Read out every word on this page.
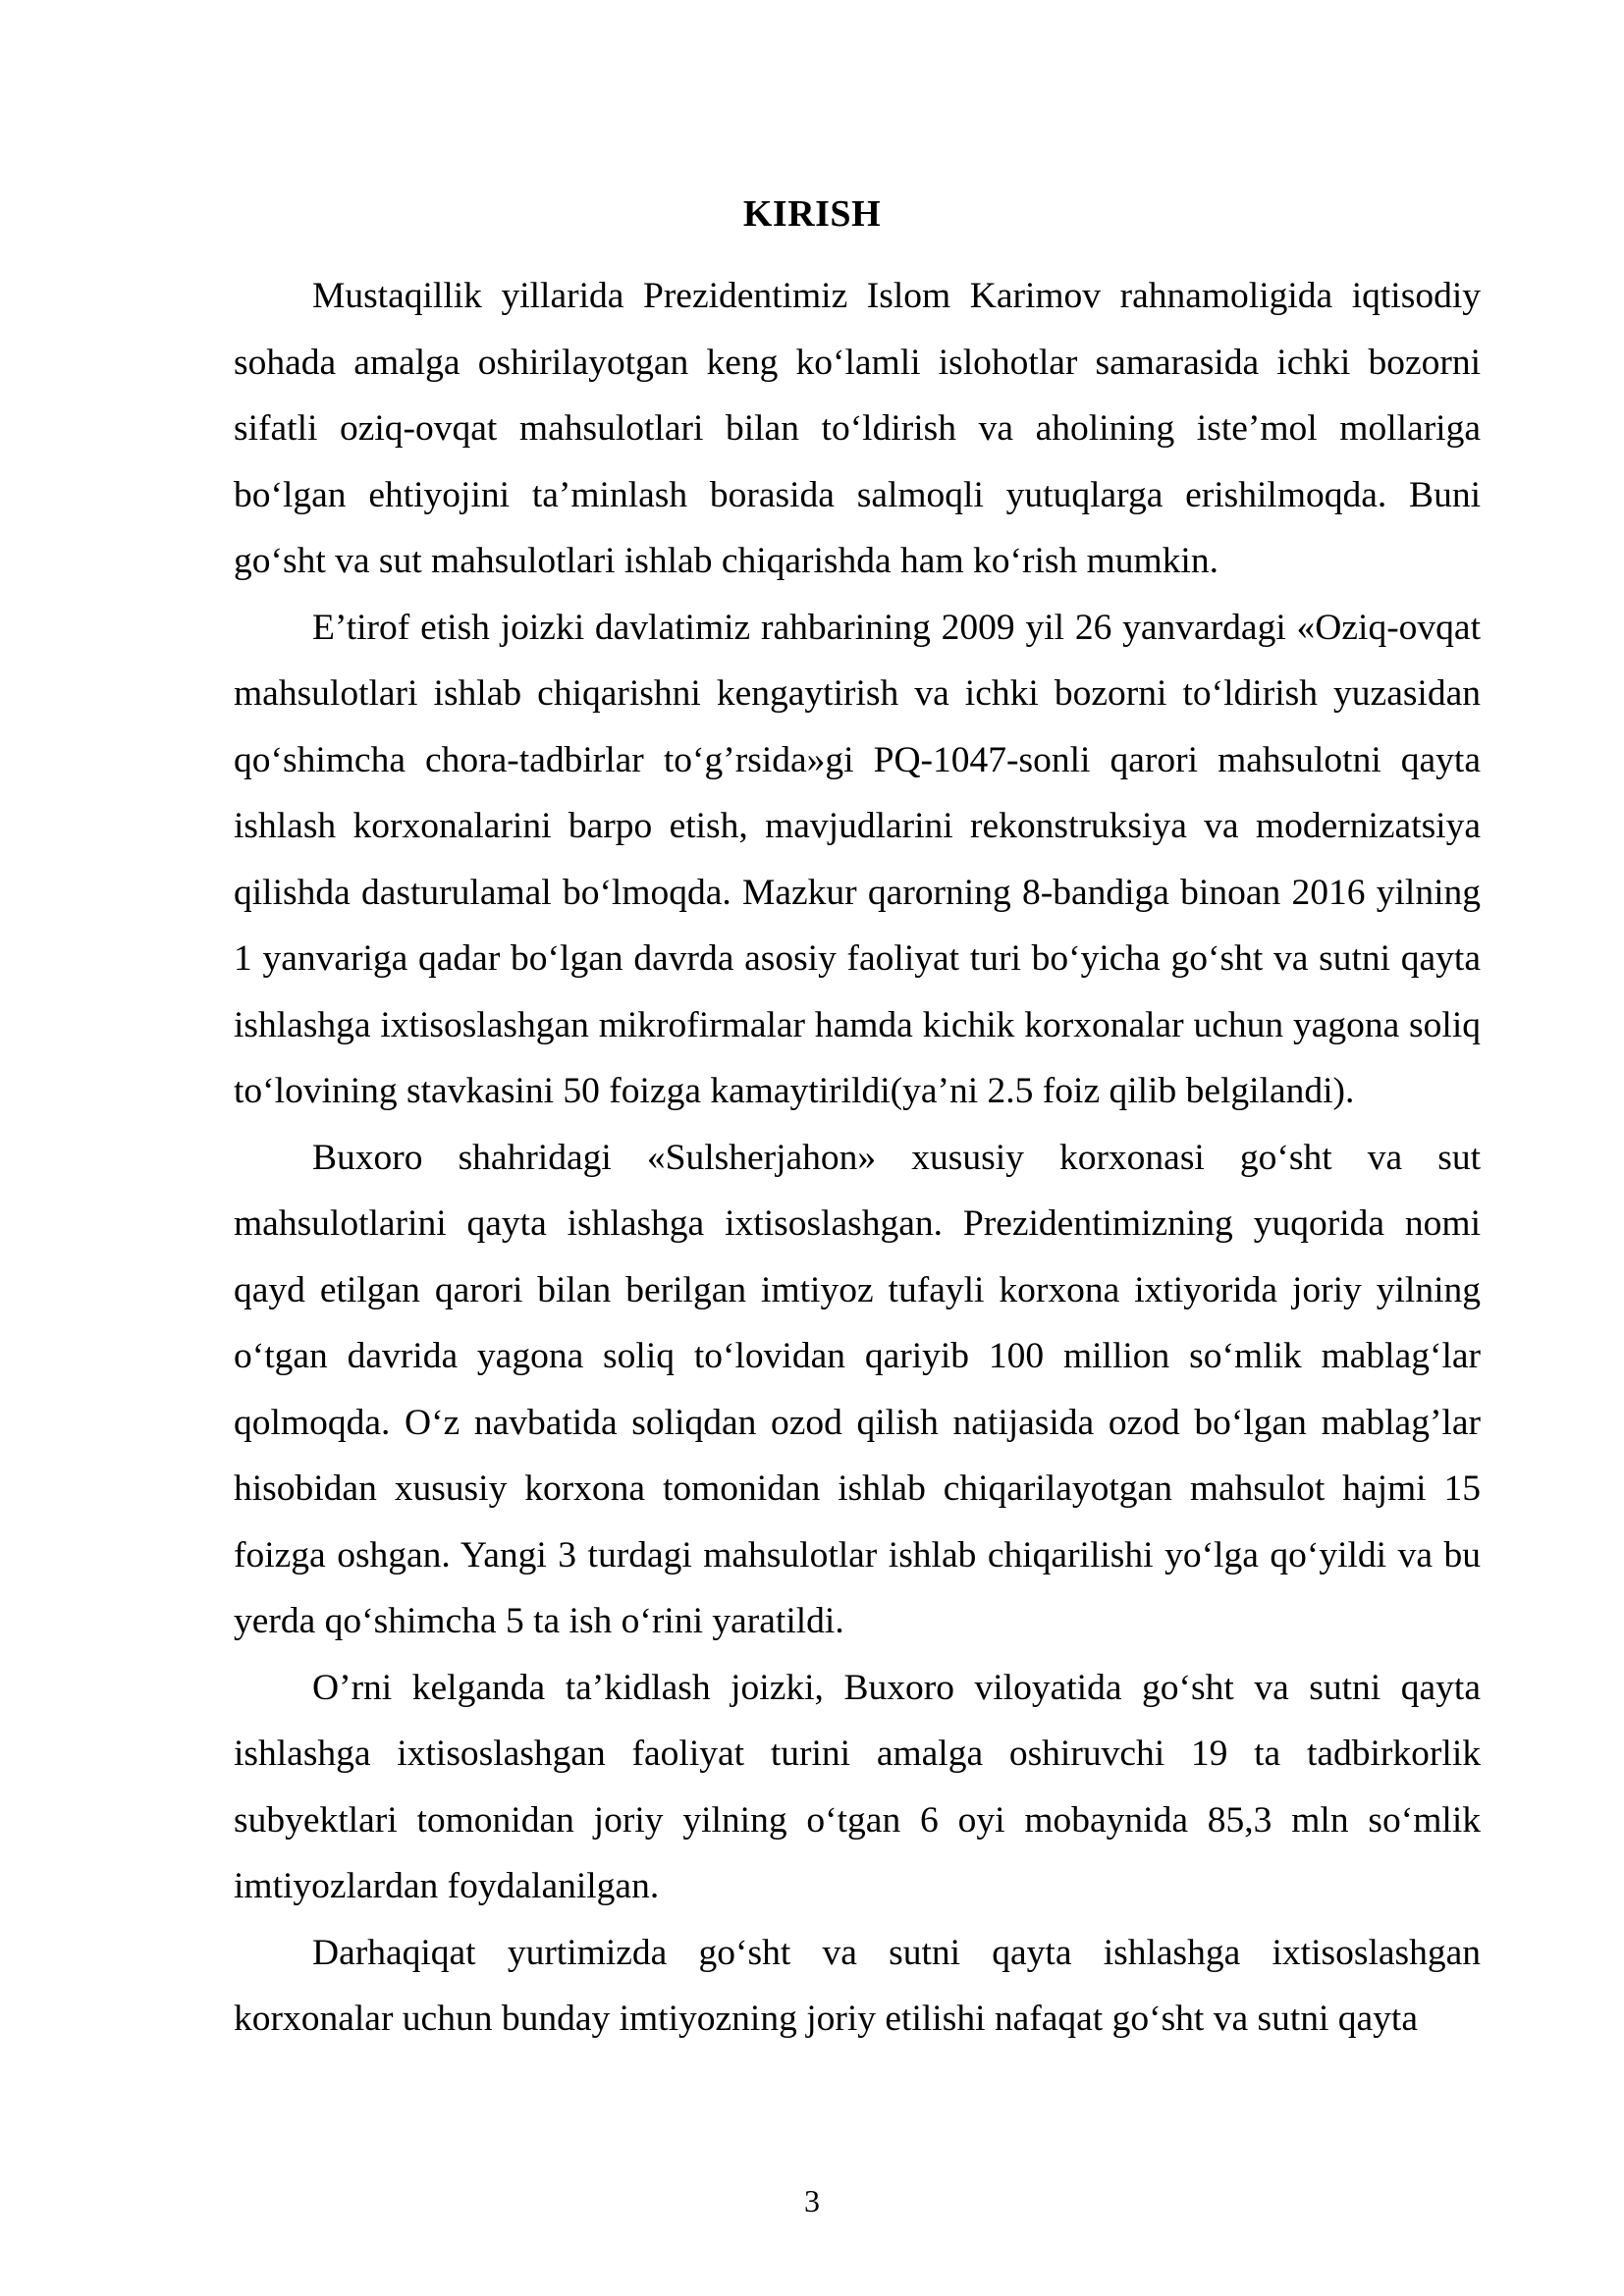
KIRISH

Mustaqillik yillarida Prezidentimiz Islom Karimov rahnamoligida iqtisodiy sohada amalga oshirilayotgan keng ko‘lamli islohotlar samarasida ichki bozorni sifatli oziq-ovqat mahsulotlari bilan to‘ldirish va aholining iste’mol mollariga bo‘lgan ehtiyojini ta’minlash borasida salmoqli yutuqlarga erishilmoqda. Buni go‘sht va sut mahsulotlari ishlab chiqarishda ham ko‘rish mumkin.

E’tirof etish joizki davlatimiz rahbarining 2009 yil 26 yanvardagi «Oziq-ovqat mahsulotlari ishlab chiqarishni kengaytirish va ichki bozorni to‘ldirish yuzasidan qo‘shimcha chora-tadbirlar to‘g’rsida»gi PQ-1047-sonli qarori mahsulotni qayta ishlash korxonalarini barpo etish, mavjudlarini rekonstruksiya va modernizatsiya qilishda dasturulamal bo‘lmoqda. Mazkur qarorning 8-bandiga binoan 2016 yilning 1 yanvariga qadar bo‘lgan davrda asosiy faoliyat turi bo‘yicha go‘sht va sutni qayta ishlashga ixtisoslashgan mikrofirmalar hamda kichik korxonalar uchun yagona soliq to‘lovining stavkasini 50 foizga kamaytirildi(ya’ni 2.5 foiz qilib belgilandi).

Buxoro shahridagi «Sulsherjahon» xususiy korxonasi go‘sht va sut mahsulotlarini qayta ishlashga ixtisoslashgan. Prezidentimizning yuqorida nomi qayd etilgan qarori bilan berilgan imtiyoz tufayli korxona ixtiyorida joriy yilning o‘tgan davrida yagona soliq to‘lovidan qariyib 100 million so‘mlik mablag‘lar qolmoqda. O‘z navbatida soliqdan ozod qilish natijasida ozod bo‘lgan mablag’lar hisobidan xususiy korxona tomonidan ishlab chiqarilayotgan mahsulot hajmi 15 foizga oshgan. Yangi 3 turdagi mahsulotlar ishlab chiqarilishi yo‘lga qo‘yildi va bu yerda qo‘shimcha 5 ta ish o‘rini yaratildi.

O’rni kelganda ta’kidlash joizki, Buxoro viloyatida go‘sht va sutni qayta ishlashga ixtisoslashgan faoliyat turini amalga oshiruvchi 19 ta tadbirkorlik subyektlari tomonidan joriy yilning o‘tgan 6 oyi mobaynida 85,3 mln so‘mlik imtiyozlardan foydalanilgan.

Darhaqiqat yurtimizda go‘sht va sutni qayta ishlashga ixtisoslashgan korxonalar uchun bunday imtiyozning joriy etilishi nafaqat go‘sht va sutni qayta

3
